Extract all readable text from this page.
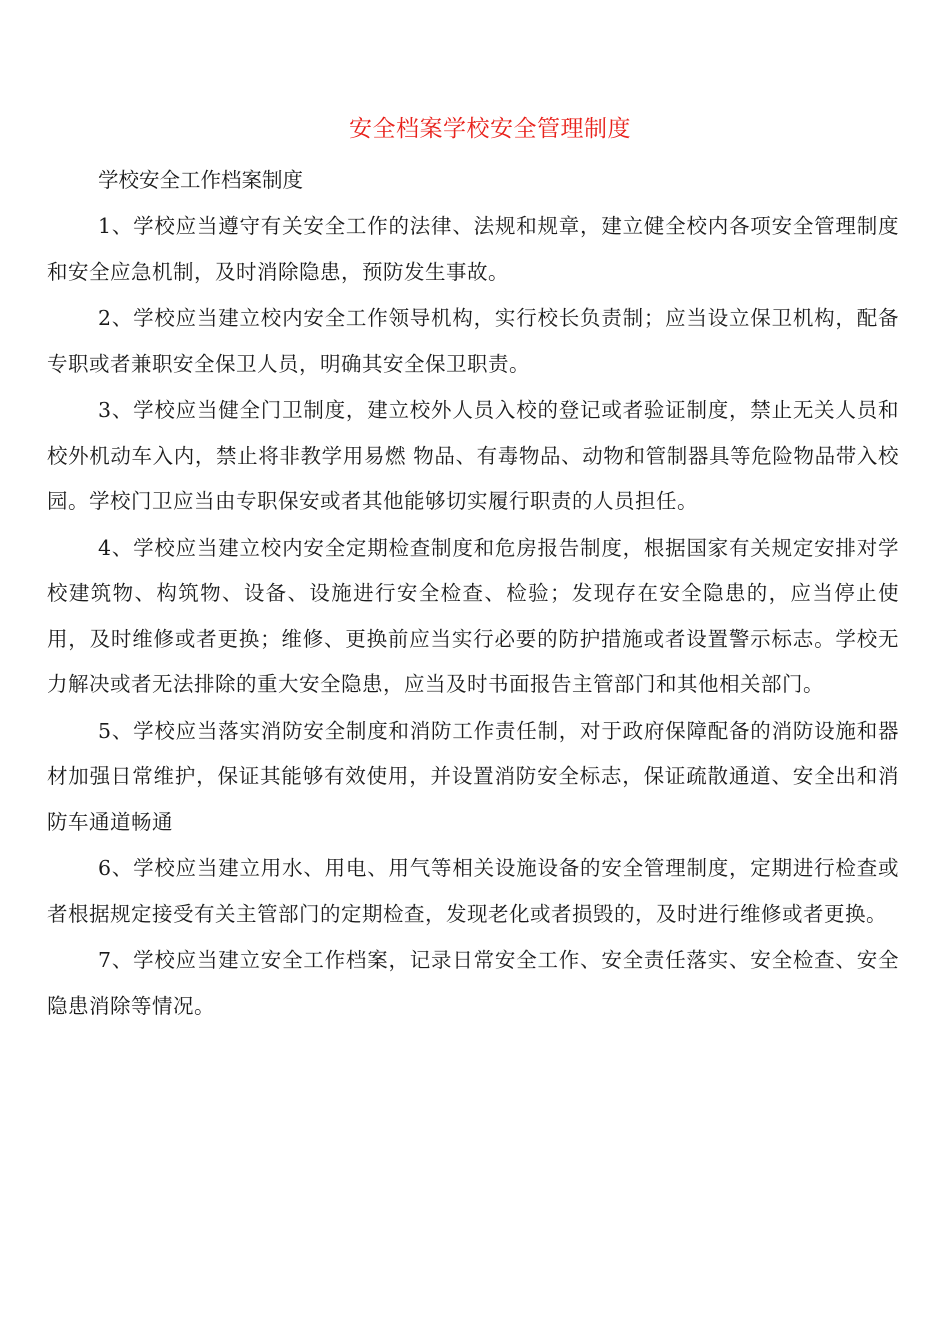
安全档案学校安全管理制度

学校安全工作档案制度

1、学校应当遵守有关安全工作的法律、法规和规章，建立健全校内各项安全管理制度和安全应急机制，及时消除隐患，预防发生事故。

2、学校应当建立校内安全工作领导机构，实行校长负责制；应当设立保卫机构，配备专职或者兼职安全保卫人员，明确其安全保卫职责。

3、学校应当健全门卫制度，建立校外人员入校的登记或者验证制度，禁止无关人员和校外机动车入内，禁止将非教学用易燃 物品、有毒物品、动物和管制器具等危险物品带入校园。学校门卫应当由专职保安或者其他能够切实履行职责的人员担任。

4、学校应当建立校内安全定期检查制度和危房报告制度，根据国家有关规定安排对学校建筑物、构筑物、设备、设施进行安全检查、检验；发现存在安全隐患的，应当停止使用，及时维修或者更换；维修、更换前应当实行必要的防护措施或者设置警示标志。学校无力解决或者无法排除的重大安全隐患，应当及时书面报告主管部门和其他相关部门。

5、学校应当落实消防安全制度和消防工作责任制，对于政府保障配备的消防设施和器材加强日常维护，保证其能够有效使用，并设置消防安全标志，保证疏散通道、安全出和消防车通道畅通

6、学校应当建立用水、用电、用气等相关设施设备的安全管理制度，定期进行检查或者根据规定接受有关主管部门的定期检查，发现老化或者损毁的，及时进行维修或者更换。

7、学校应当建立安全工作档案，记录日常安全工作、安全责任落实、安全检查、安全隐患消除等情况。
